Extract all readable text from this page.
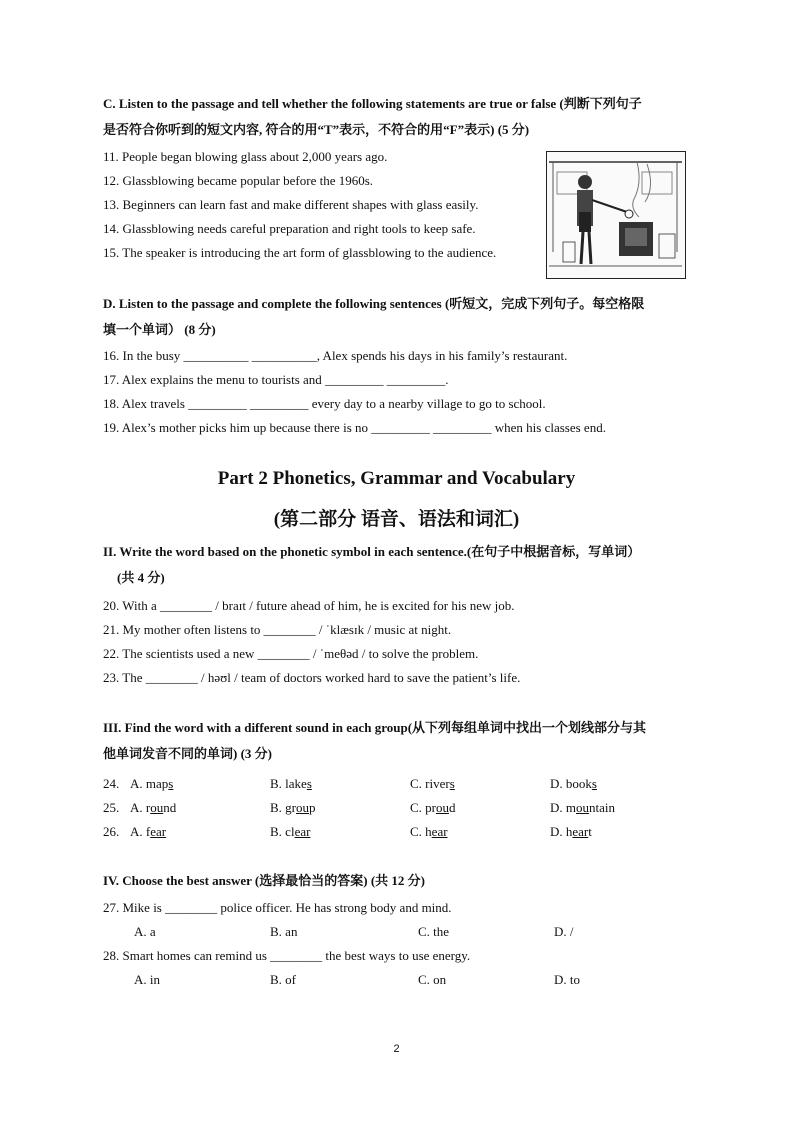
C. Listen to the passage and tell whether the following statements are true or false (判断下列句子
是否符合你听到的短文内容, 符合的用“T”表示，不符合的用“F”表示) (5 分)
11. People began blowing glass about 2,000 years ago.
12. Glassblowing became popular before the 1960s.
13. Beginners can learn fast and make different shapes with glass easily.
14. Glassblowing needs careful preparation and right tools to keep safe.
15. The speaker is introducing the art form of glassblowing to the audience.
D. Listen to the passage and complete the following sentences (听短文，完成下列句子。每空格限
填一个单词） (8 分)
16. In the busy __________ __________, Alex spends his days in his family’s restaurant.
17. Alex explains the menu to tourists and _________ _________.
18. Alex travels _________ _________ every day to a nearby village to go to school.
19. Alex’s mother picks him up because there is no _________ _________ when his classes end.
Part 2 Phonetics, Grammar and Vocabulary
(第二部分 语音、语法和词汇)
II. Write the word based on the phonetic symbol in each sentence.(在句子中根据音标，写单词）
(共 4 分)
20. With a ________ / braɪt / future ahead of him, he is excited for his new job.
21. My mother often listens to ________ / ˈklæsɪk / music at night.
22. The scientists used a new ________ / ˈmeθəd / to solve the problem.
23. The ________ / həʊl / team of doctors worked hard to save the patient’s life.
III. Find the word with a different sound in each group(从下列每组单词中找出一个划线部分与其
他单词发音不同的单词) (3 分)
24. A. maps	B. lakes	C. rivers	D. books
25. A. round	B. group	C. proud	D. mountain
26. A. fear	B. clear	C. hear	D. heart
IV. Choose the best answer (选择最恰当的答案) (共 12 分)
27. Mike is ________ police officer. He has strong body and mind.
A. a	B. an	C. the	D. /
28. Smart homes can remind us ________ the best ways to use energy.
A. in	B. of	C. on	D. to
2
